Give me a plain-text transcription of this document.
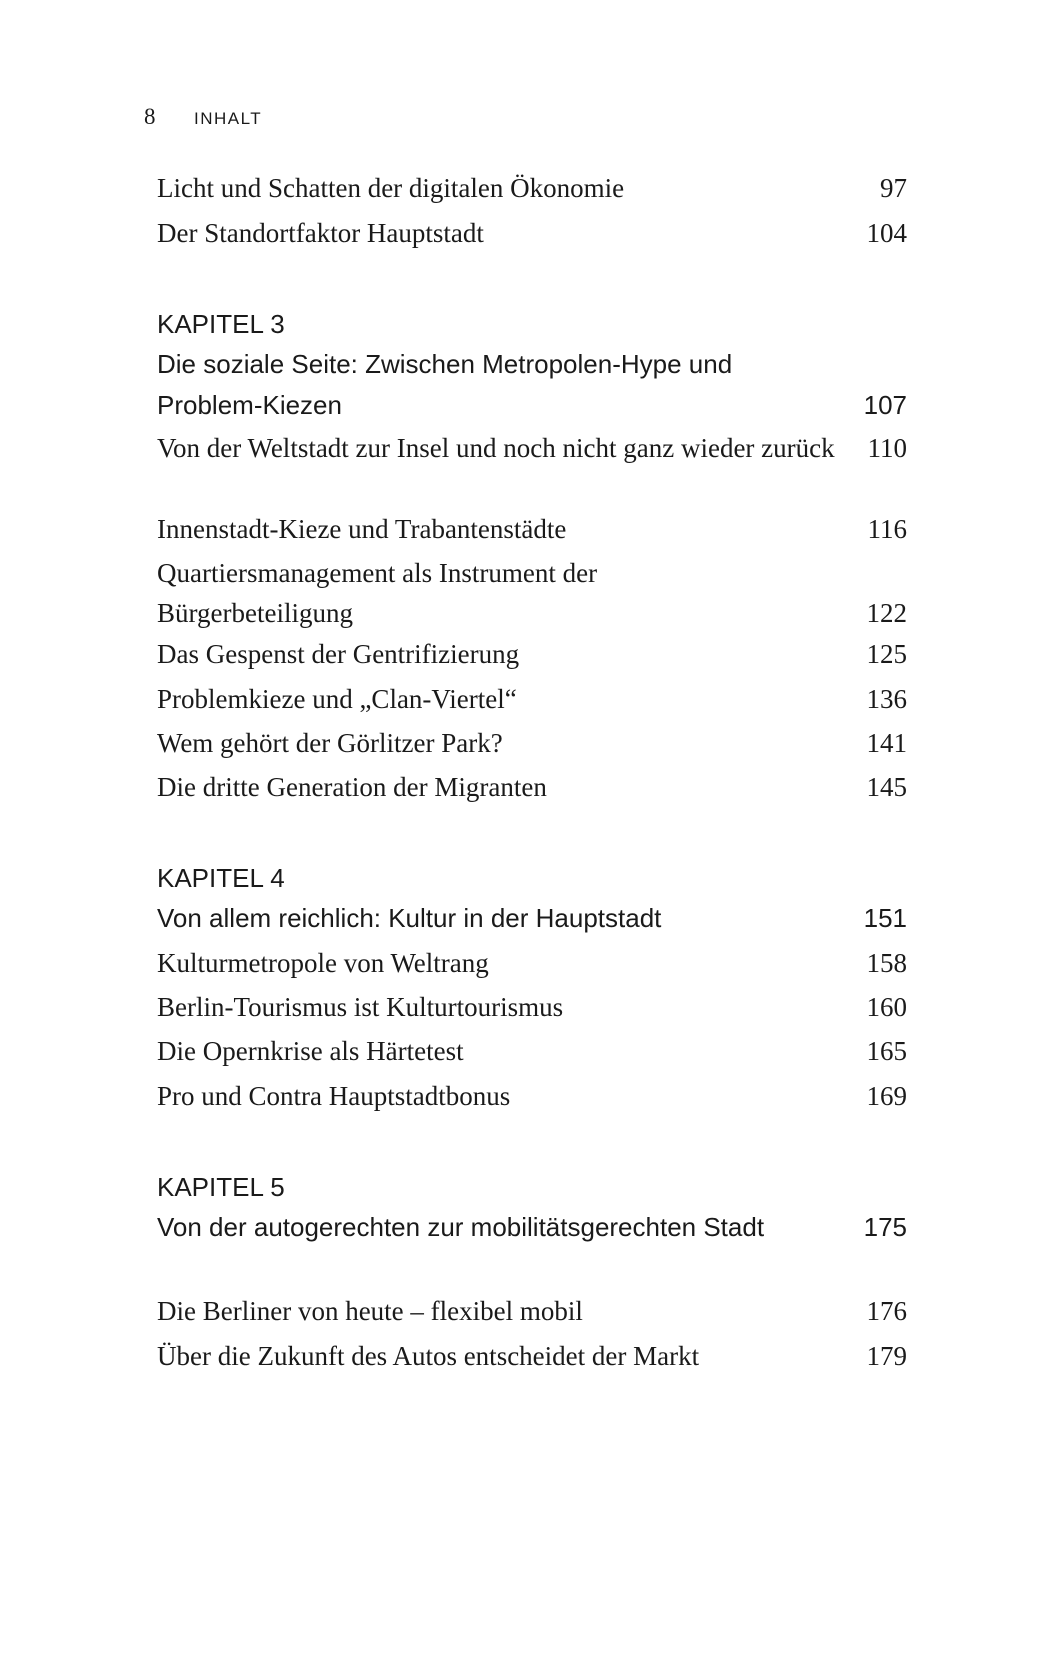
8	INHALT
Licht und Schatten der digitalen Ökonomie	97
Der Standortfaktor Hauptstadt	104
KAPITEL 3
Die soziale Seite: Zwischen Metropolen-Hype und Problem-Kiezen	107
Von der Weltstadt zur Insel und noch nicht ganz wieder zurück	110
Innenstadt-Kieze und Trabantenstädte	116
Quartiersmanagement als Instrument der Bürgerbeteiligung	122
Das Gespenst der Gentrifizierung	125
Problemkieze und „Clan-Viertel“	136
Wem gehört der Görlitzer Park?	141
Die dritte Generation der Migranten	145
KAPITEL 4
Von allem reichlich: Kultur in der Hauptstadt	151
Kulturmetropole von Weltrang	158
Berlin-Tourismus ist Kulturtourismus	160
Die Opernkrise als Härtetest	165
Pro und Contra Hauptstadtbonus	169
KAPITEL 5
Von der autogerechten zur mobilitätsgerechten Stadt	175
Die Berliner von heute – flexibel mobil	176
Über die Zukunft des Autos entscheidet der Markt	179
